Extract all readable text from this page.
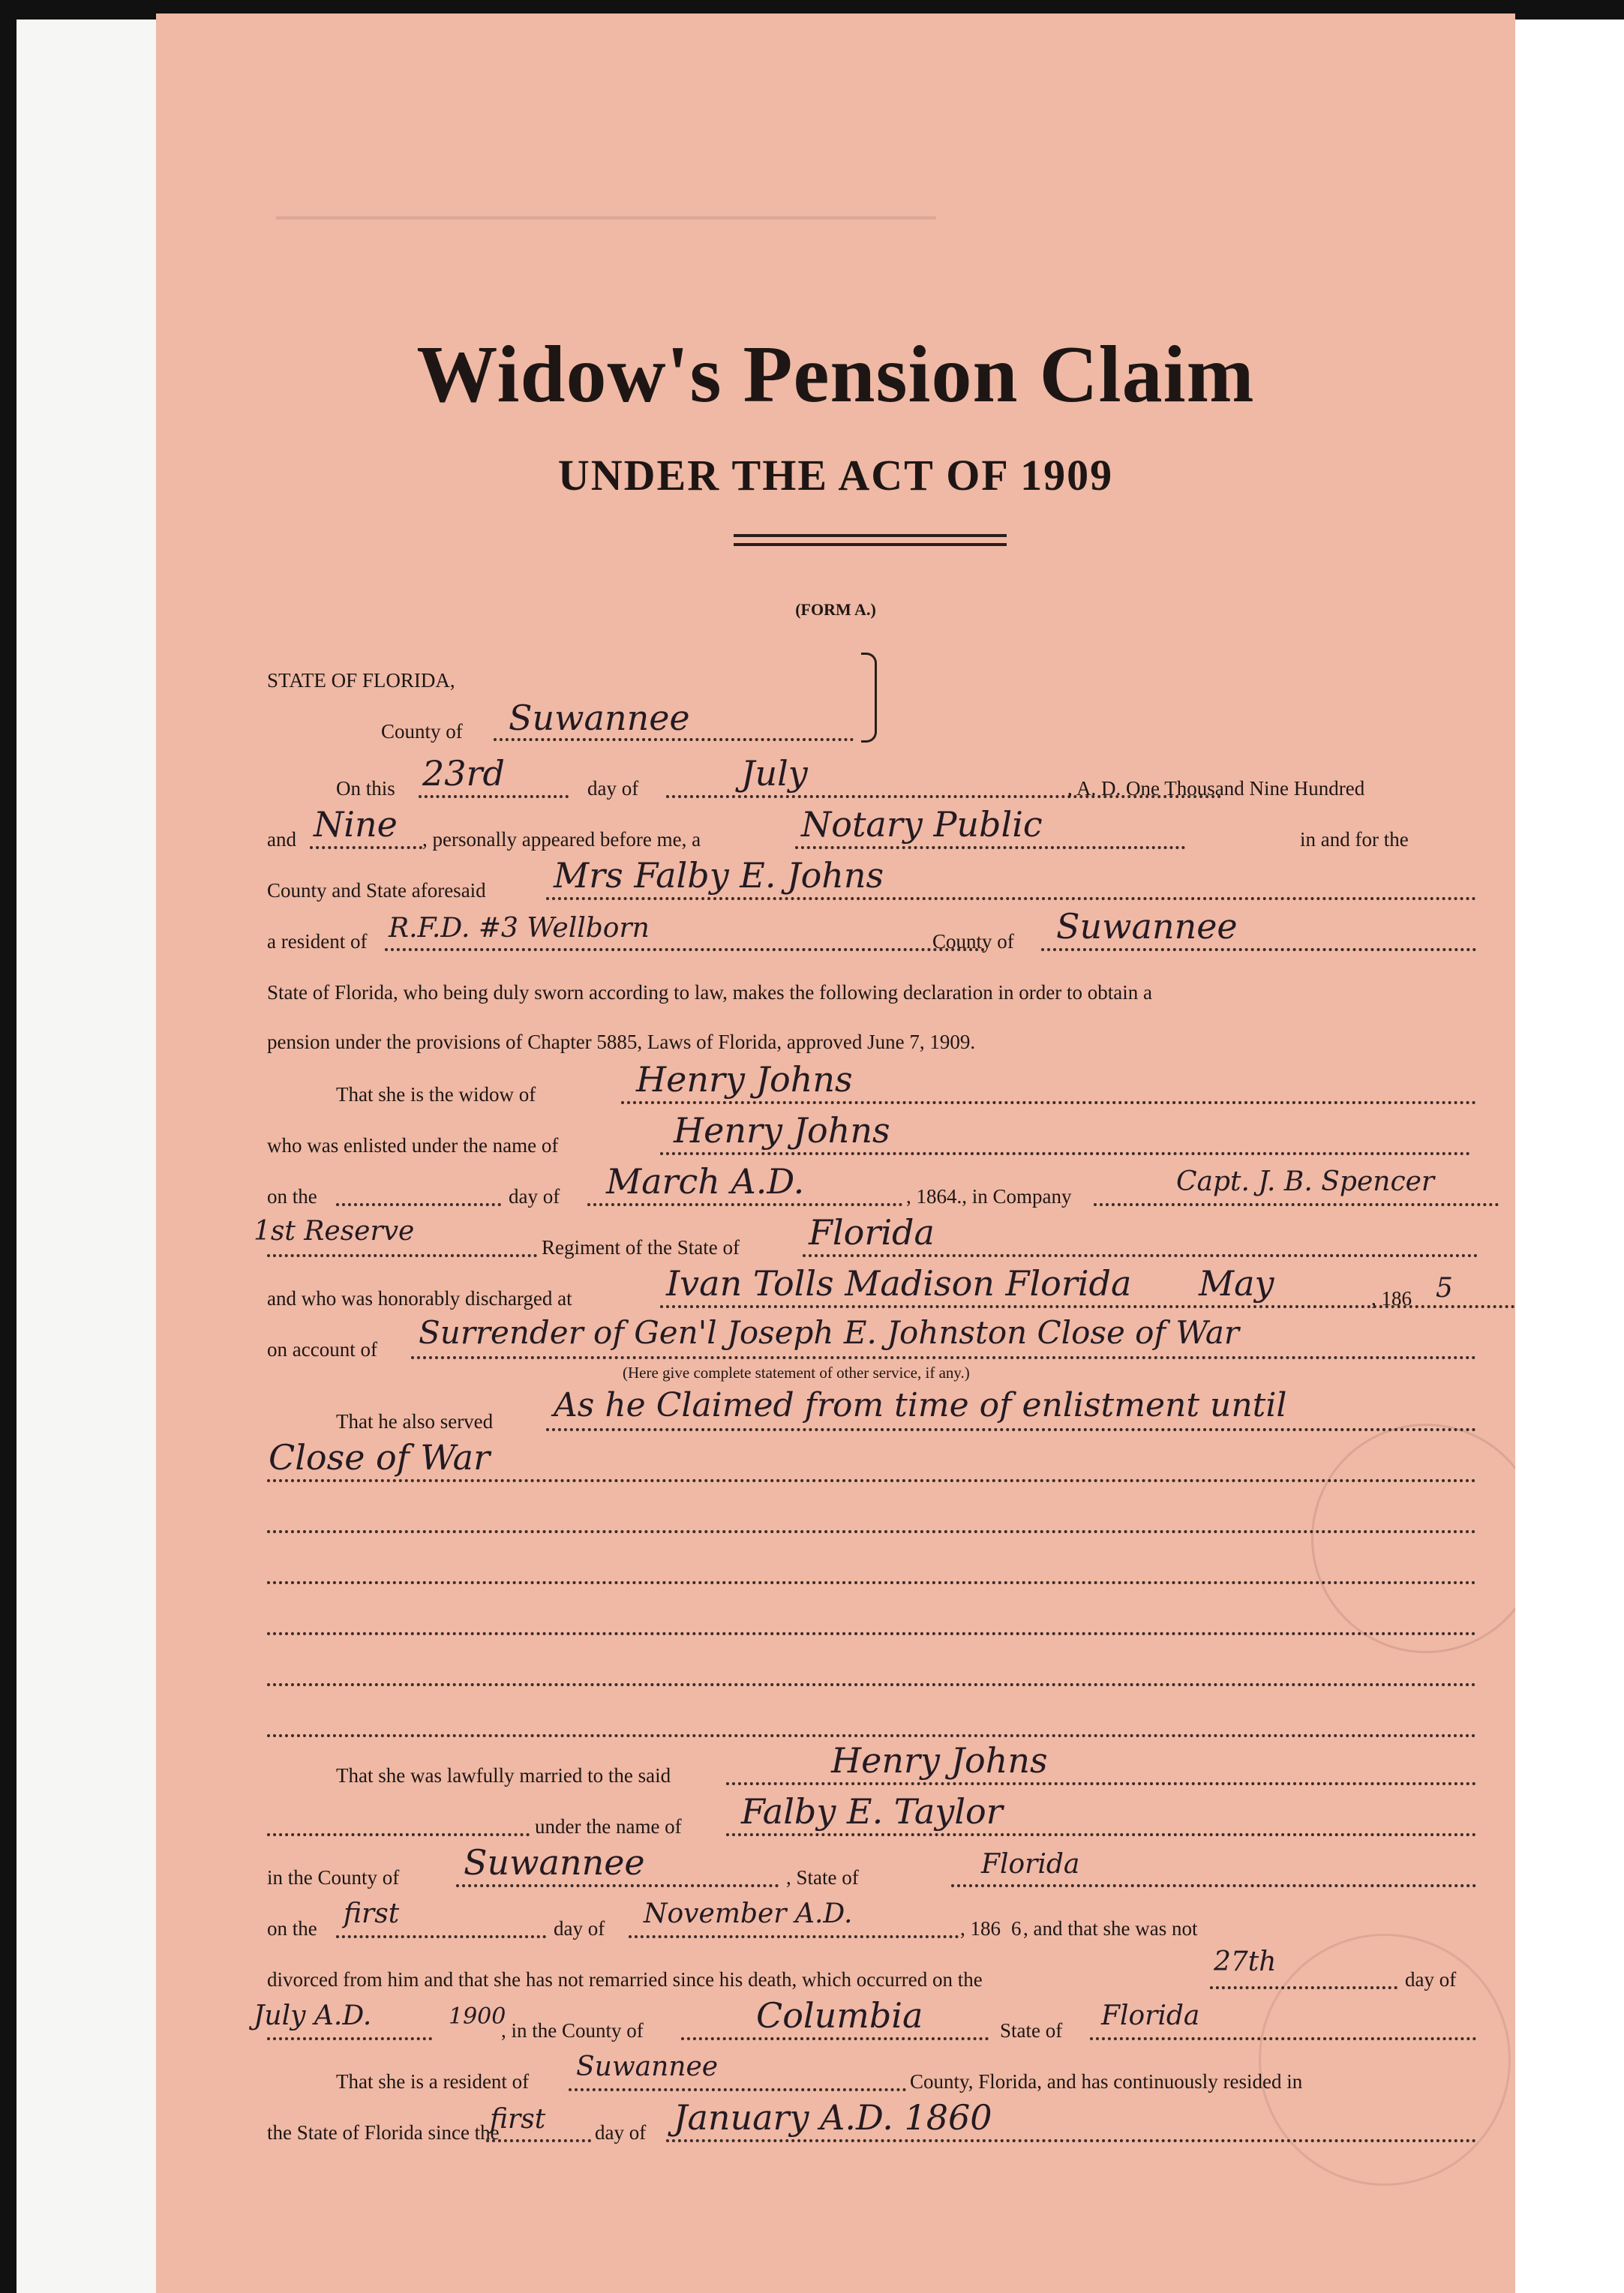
▁▁▁▁▁▁▁▁▁▁▁▁▁▁▁▁▁▁▁▁▁▁▁▁▁▁▁▁▁▁▁▁▁▁▁▁▁▁▁▁▁▁▁▁
Widow's Pension Claim
UNDER THE ACT OF 1909
(FORM A.)
STATE OF FLORIDA,
County of Suwannee
On this 23rd	day of	July	, A. D. One Thousand Nine Hundred
and Nine , personally appeared before me, a	Notary Public	in and for the
County and State aforesaid Mrs Falby E. Johns
a resident of R.F.D. #3 Wellborn	County of Suwannee
State of Florida, who being duly sworn according to law, makes the following declaration in order to obtain a
pension under the provisions of Chapter 5885, Laws of Florida, approved June 7, 1909.
That she is the widow of	Henry Johns
who was enlisted under the name of	Henry Johns
on the	day of March A.D.	, 1864., in Company	Capt. J. B. Spencer
1st Reserve
Regiment of the State of Florida
and who was honorably discharged at	Ivan Tolls Madison Florida May	, 186 5
on account of Surrender of Gen'l Joseph E. Johnston Close of War
(Here give complete statement of other service, if any.)
That he also served As he Claimed from time of enlistment until
Close of War
That she was lawfully married to the said	Henry Johns
under the name of Falby E. Taylor
in the County of Suwannee	, State of	Florida
on the first	day of November A.D.	, 186 6 , and that she was not
divorced from him and that she has not remarried since his death, which occurred on the
27th
day of
July A.D.	1900
, in the County of	Columbia	State of Florida
That she is a resident of Suwannee	County, Florida, and has continuously resided in
the State of Florida since the
first day of January A.D. 1860
